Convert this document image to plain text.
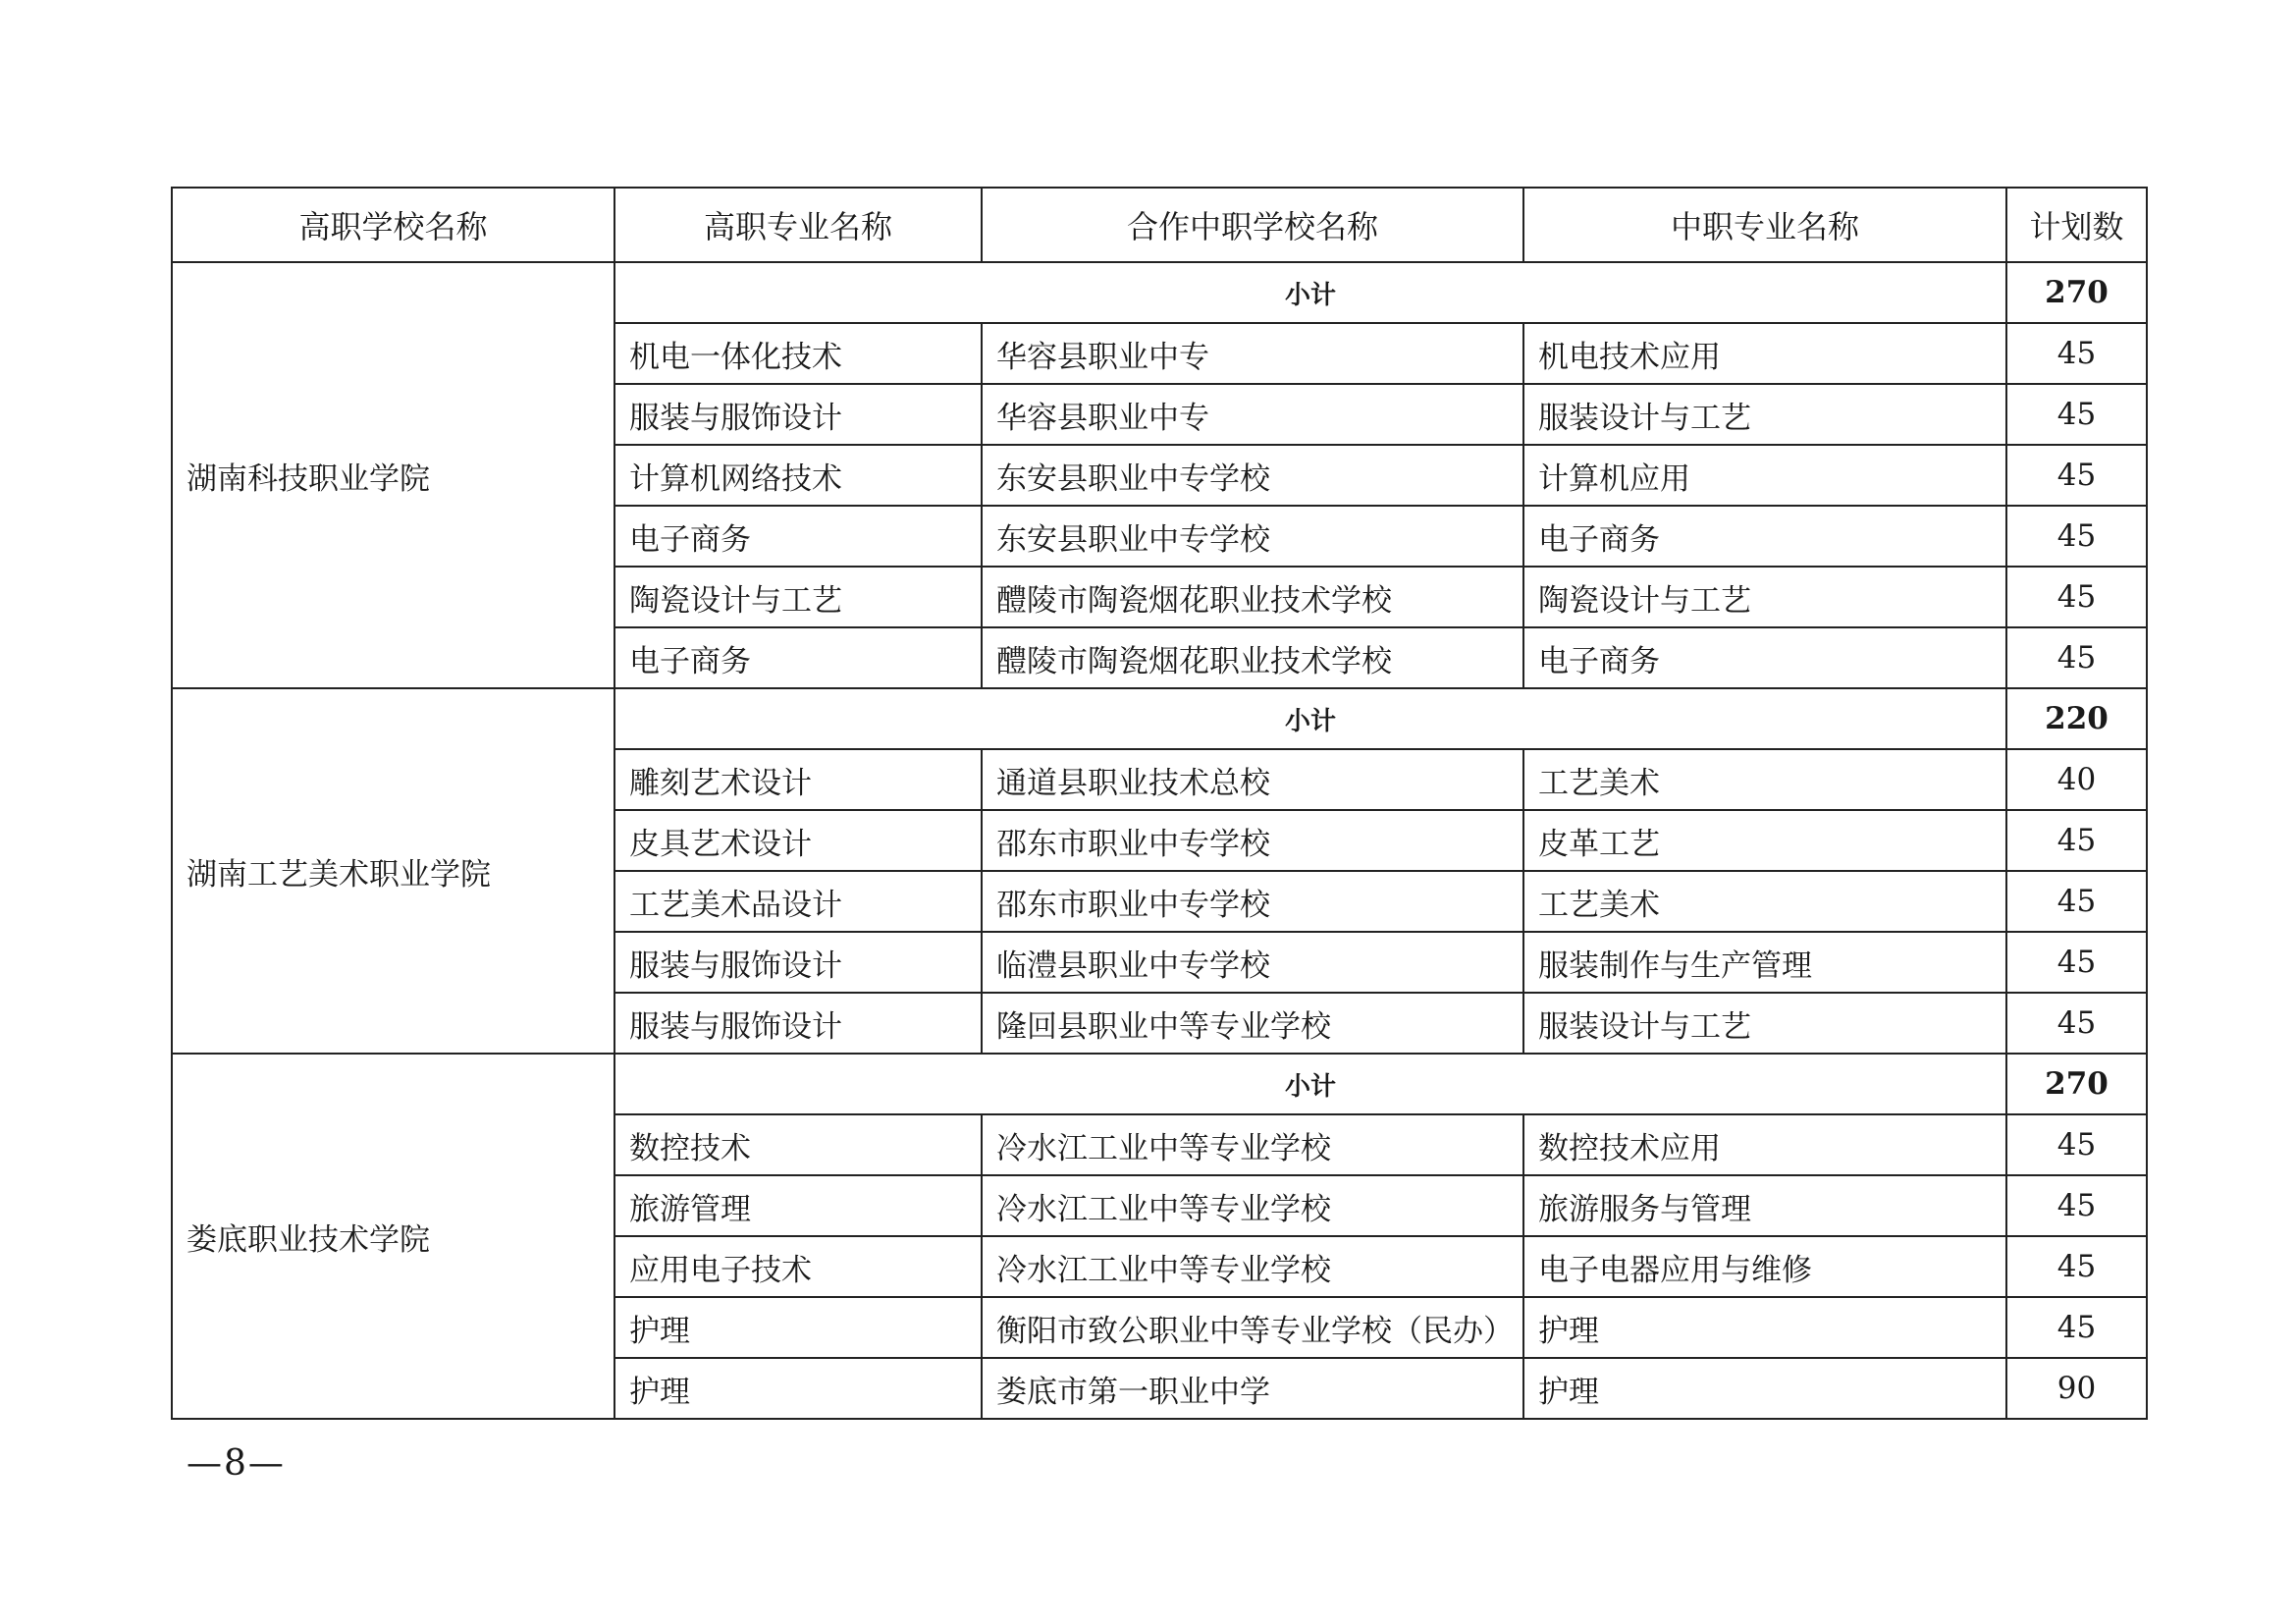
高职学校名称	高职专业名称	合作中职学校名称	中职专业名称	计划数
湖南科技职业学院	小计			270
	机电一体化技术	华容县职业中专	机电技术应用	45
	服装与服饰设计	华容县职业中专	服装设计与工艺	45
	计算机网络技术	东安县职业中专学校	计算机应用	45
	电子商务	东安县职业中专学校	电子商务	45
	陶瓷设计与工艺	醴陵市陶瓷烟花职业技术学校	陶瓷设计与工艺	45
	电子商务	醴陵市陶瓷烟花职业技术学校	电子商务	45
湖南工艺美术职业学院	小计			220
	雕刻艺术设计	通道县职业技术总校	工艺美术	40
	皮具艺术设计	邵东市职业中专学校	皮革工艺	45
	工艺美术品设计	邵东市职业中专学校	工艺美术	45
	服装与服饰设计	临澧县职业中专学校	服装制作与生产管理	45
	服装与服饰设计	隆回县职业中等专业学校	服装设计与工艺	45
娄底职业技术学院	小计			270
	数控技术	冷水江工业中等专业学校	数控技术应用	45
	旅游管理	冷水江工业中等专业学校	旅游服务与管理	45
	应用电子技术	冷水江工业中等专业学校	电子电器应用与维修	45
	护理	衡阳市致公职业中等专业学校（民办）	护理	45
	护理	娄底市第一职业中学	护理	90
—8—
